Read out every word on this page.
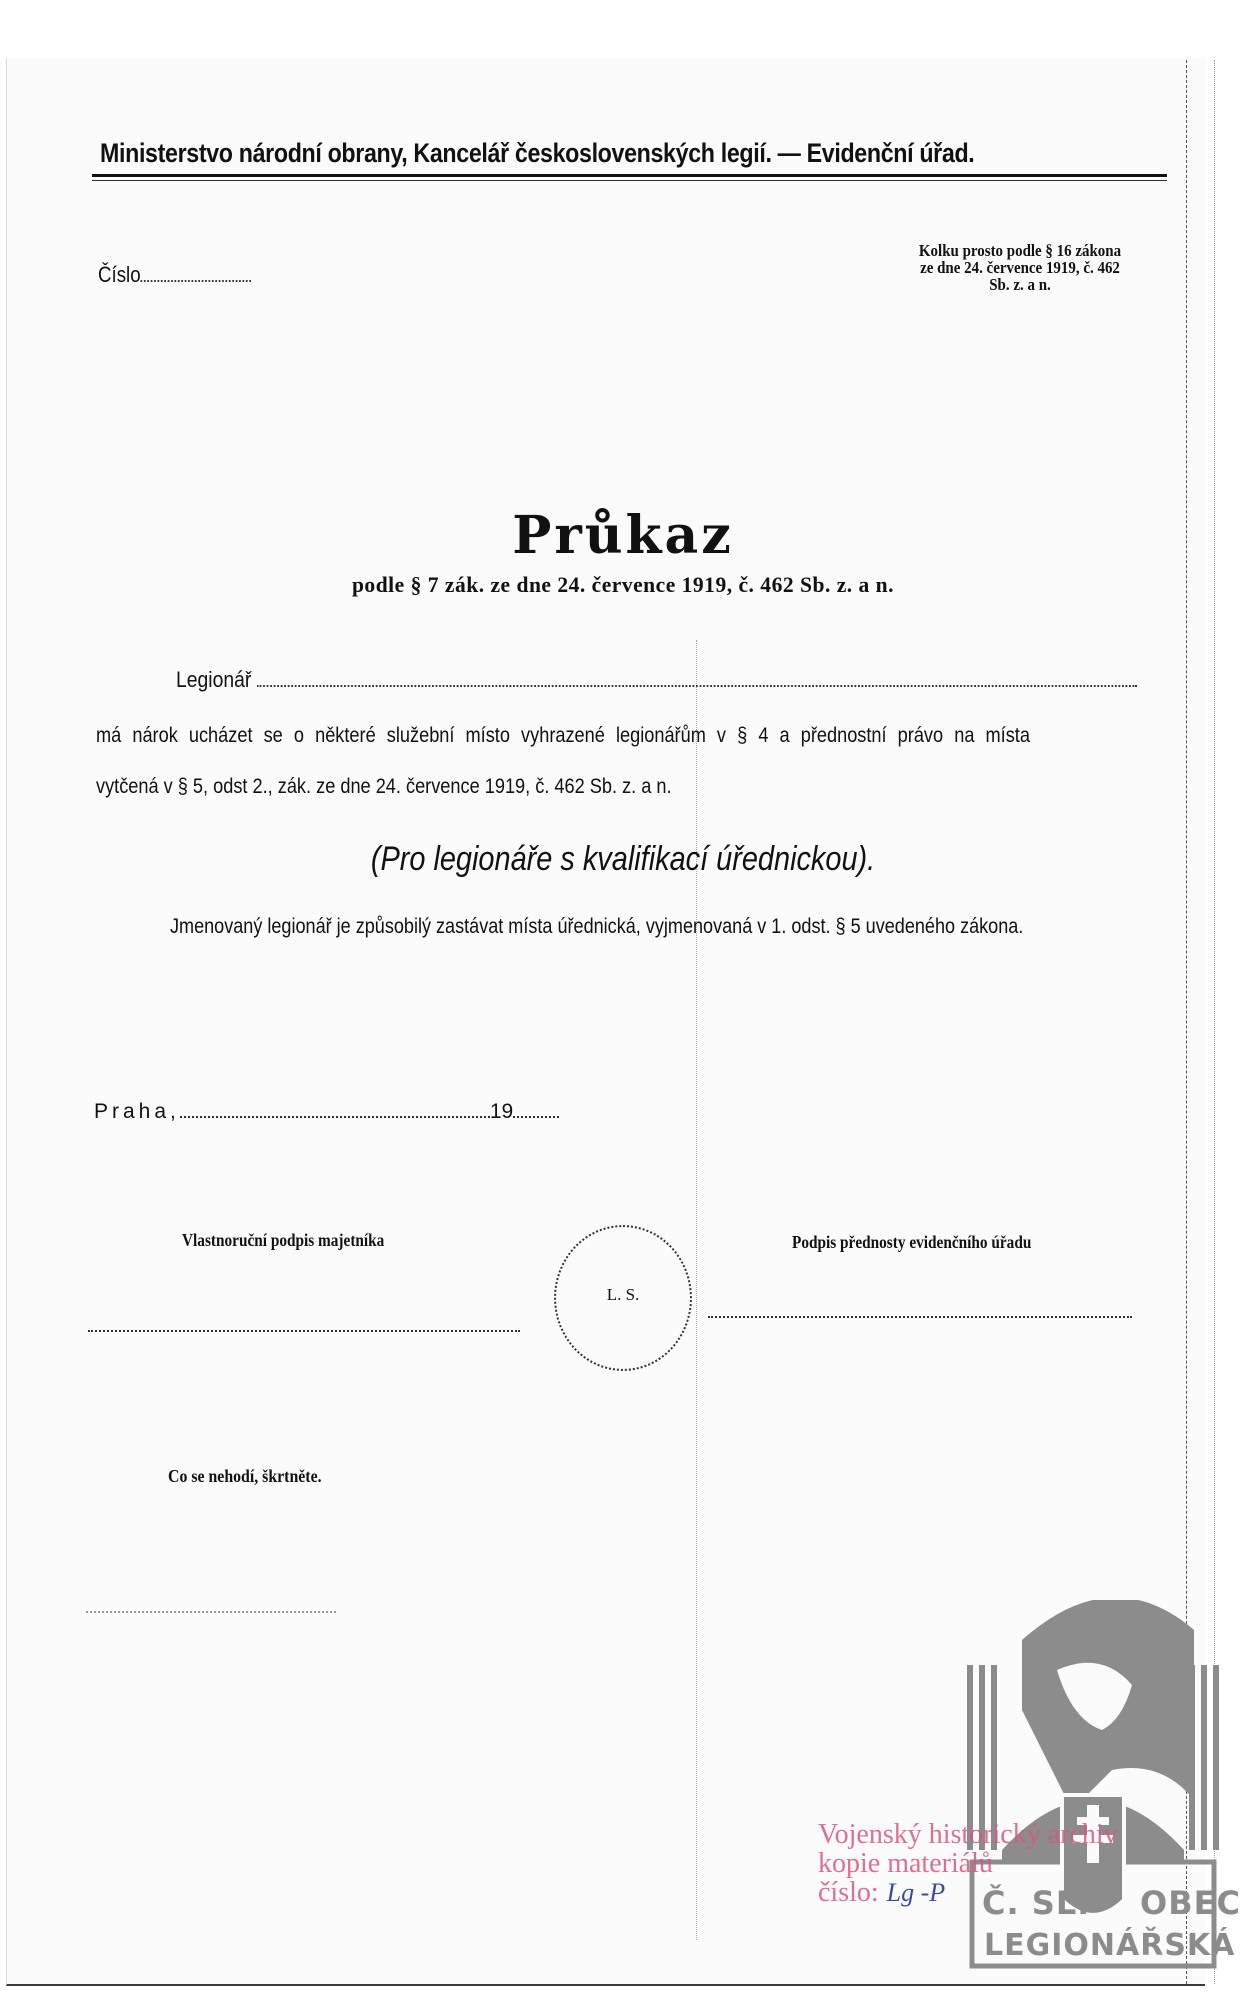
Ministerstvo národní obrany, Kancelář československých legií. — Evidenční úřad.
Číslo
Kolku prosto podle § 16 zákona
ze dne 24. července 1919, č. 462
Sb. z. a n.
Průkaz
podle § 7 zák. ze dne 24. července 1919, č. 462 Sb. z. a n.
Legionář
má nárok ucházet se o některé služební místo vyhrazené legionářům v § 4 a přednostní právo na místa
vytčená v § 5, odst 2., zák. ze dne 24. července 1919, č. 462 Sb. z. a n.
(Pro legionáře s kvalifikací úřednickou).
Jmenovaný legionář je způsobilý zastávat místa úřednická, vyjmenovaná v 1. odst. § 5 uvedeného zákona.
Praha,	19
Vlastnoruční podpis majetníka	Podpis přednosty evidenčního úřadu
L. S.
Co se nehodí, škrtněte.
Č. SL. OBEC
LEGIONÁŘSKÁ
Vojenský historický archiv
kopie materiálů
číslo: Lg -P
